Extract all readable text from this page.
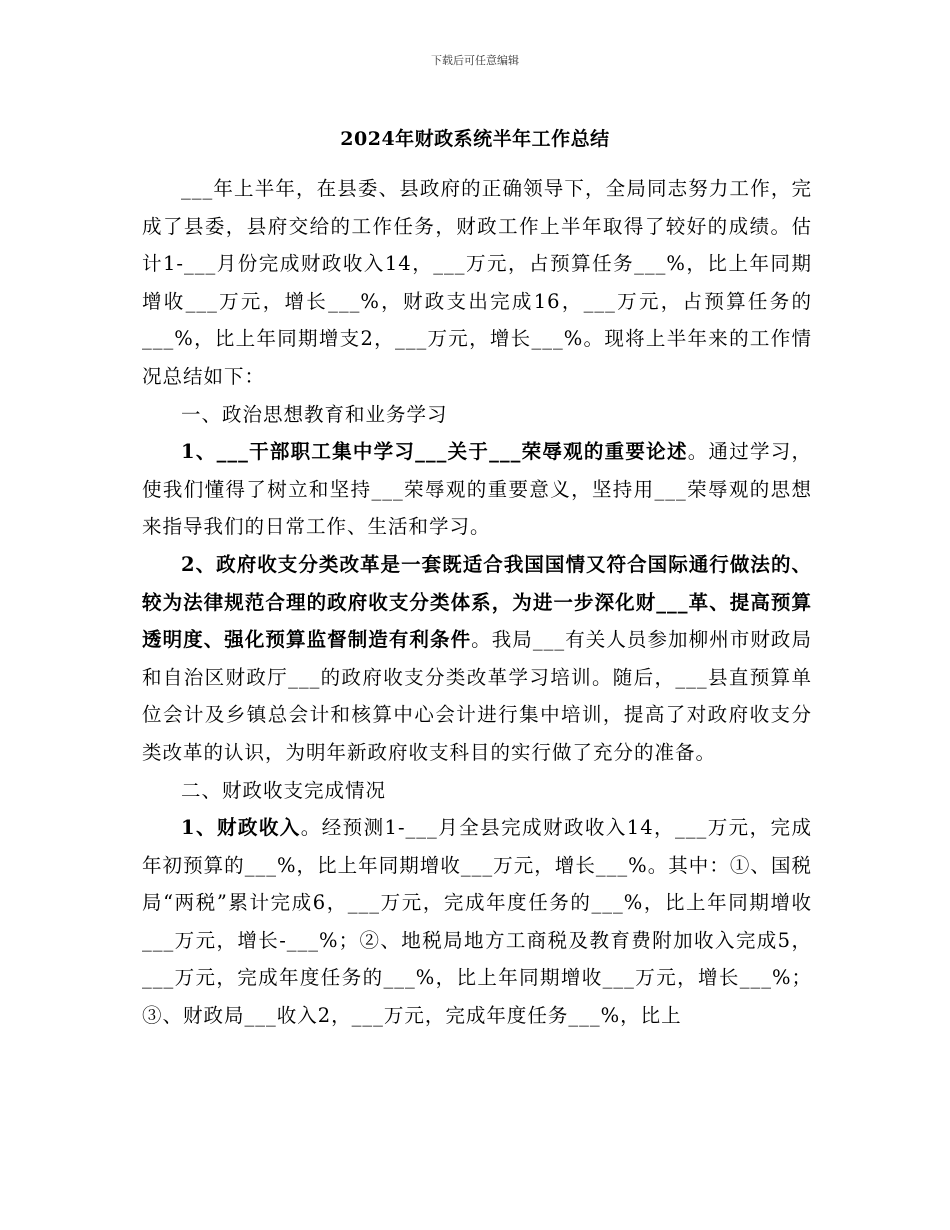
下载后可任意编辑
2024年财政系统半年工作总结

___年上半年，在县委、县政府的正确领导下，全局同志努力工作，完成了县委，县府交给的工作任务，财政工作上半年取得了较好的成绩。估计1-___月份完成财政收入14，___万元，占预算任务___%，比上年同期增收___万元，增长___%，财政支出完成16，___万元，占预算任务的___%，比上年同期增支2，___万元，增长___%。现将上半年来的工作情况总结如下：

一、政治思想教育和业务学习

1、___干部职工集中学习___关于___荣辱观的重要论述。通过学习，使我们懂得了树立和坚持___荣辱观的重要意义，坚持用___荣辱观的思想来指导我们的日常工作、生活和学习。

2、政府收支分类改革是一套既适合我国国情又符合国际通行做法的、较为法律规范合理的政府收支分类体系，为进一步深化财___革、提高预算透明度、强化预算监督制造有利条件。我局___有关人员参加柳州市财政局和自治区财政厅___的政府收支分类改革学习培训。随后，___县直预算单位会计及乡镇总会计和核算中心会计进行集中培训，提高了对政府收支分类改革的认识，为明年新政府收支科目的实行做了充分的准备。

二、财政收支完成情况

1、财政收入。经预测1-___月全县完成财政收入14，___万元，完成年初预算的___%，比上年同期增收___万元，增长___%。其中：①、国税局“两税”累计完成6，___万元，完成年度任务的___%，比上年同期增收___万元，增长-___%；②、地税局地方工商税及教育费附加收入完成5，___万元，完成年度任务的___%，比上年同期增收___万元，增长___%；③、财政局___收入2，___万元，完成年度任务___%，比上
